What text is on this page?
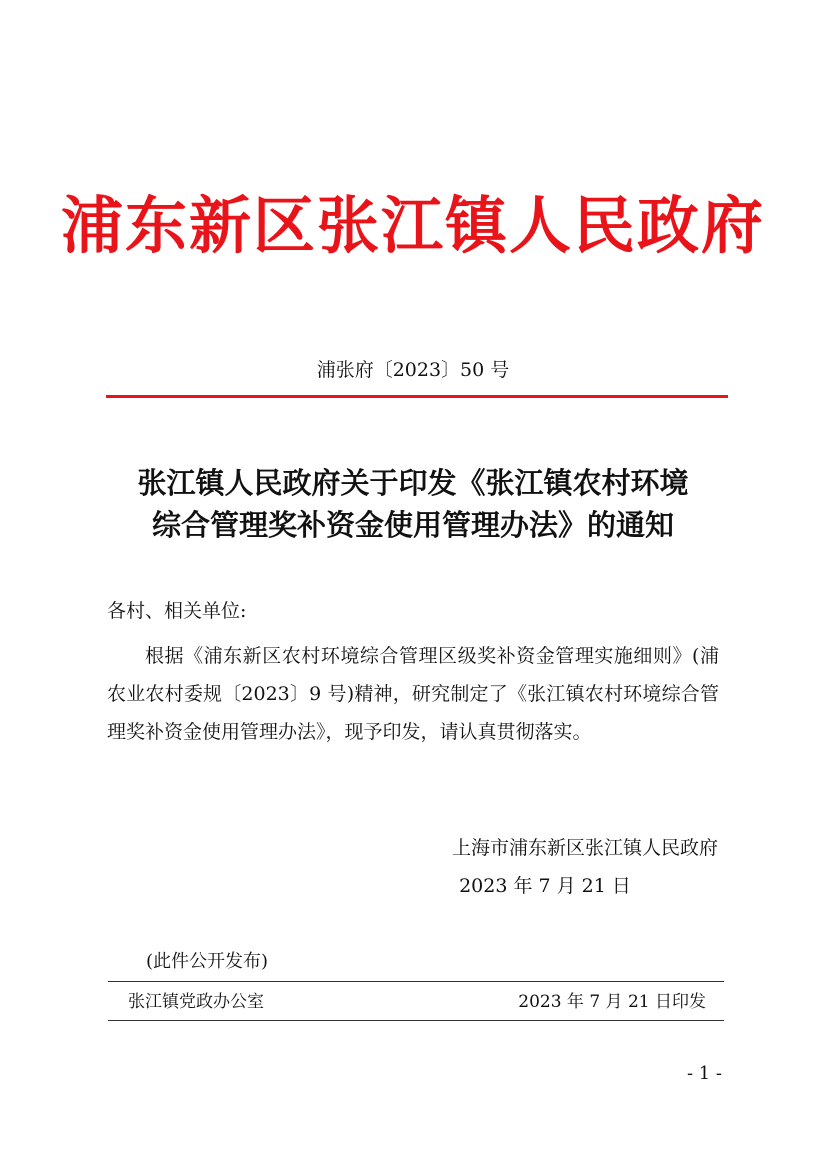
浦东新区张江镇人民政府
浦张府〔2023〕50 号
张江镇人民政府关于印发《张江镇农村环境
综合管理奖补资金使用管理办法》的通知
各村、相关单位:
根据《浦东新区农村环境综合管理区级奖补资金管理实施细则》(浦农业农村委规〔2023〕9 号)精神，研究制定了《张江镇农村环境综合管理奖补资金使用管理办法》，现予印发，请认真贯彻落实。
上海市浦东新区张江镇人民政府
2023 年 7 月 21 日
(此件公开发布)
张江镇党政办公室	2023 年 7 月 21 日印发
- 1 -
